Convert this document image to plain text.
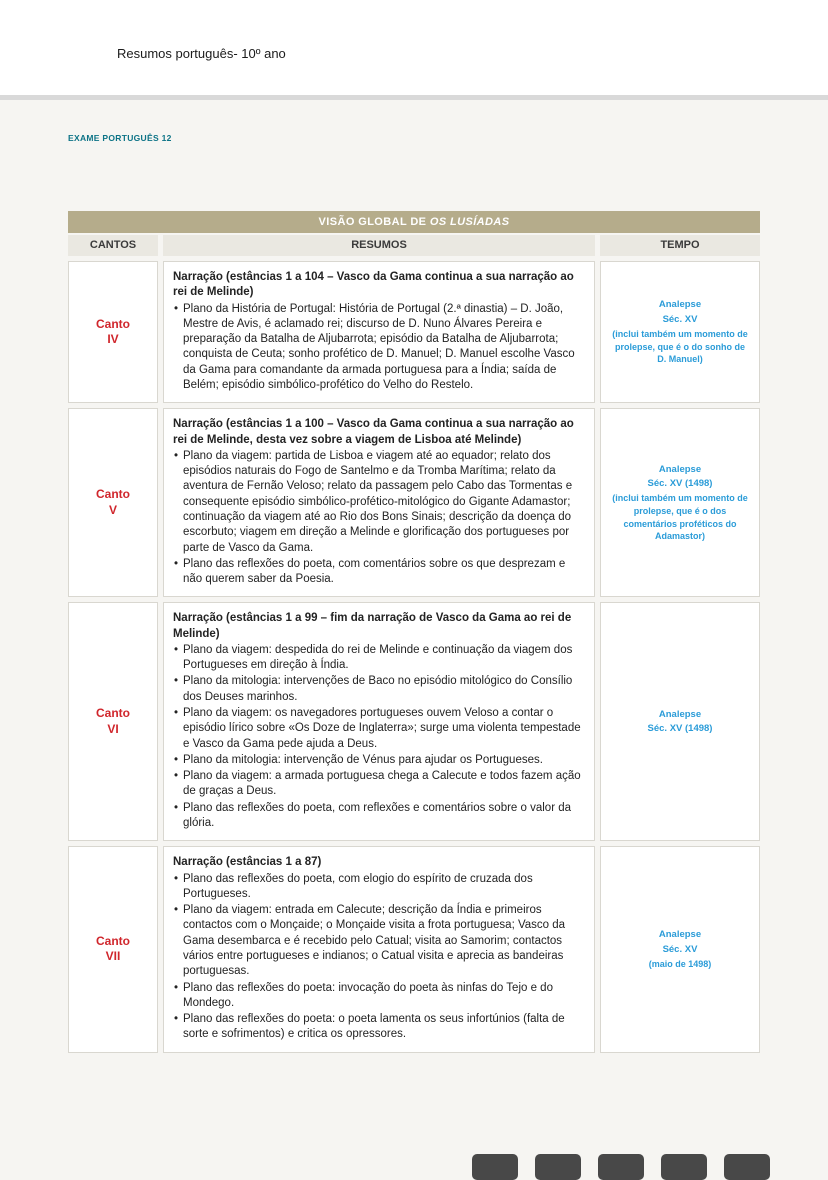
Resumos português- 10º ano
EXAME PORTUGUÊS 12
VISÃO GLOBAL DE OS LUSÍADAS
CANTOS	RESUMOS	TEMPO
Canto
IV
Narração (estâncias 1 a 104 – Vasco da Gama continua a sua narração ao rei de Melinde)
• Plano da História de Portugal: História de Portugal (2.ª dinastia) – D. João, Mestre de Avis, é aclamado rei; discurso de D. Nuno Álvares Pereira e preparação da Batalha de Aljubarrota; episódio da Batalha de Aljubarrota; conquista de Ceuta; sonho profético de D. Manuel; D. Manuel escolhe Vasco da Gama para comandante da armada portuguesa para a Índia; saída de Belém; episódio simbólico-profético do Velho do Restelo.
Analepse
Séc. XV
(inclui também um momento de prolepse, que é o do sonho de D. Manuel)
Canto
V
Narração (estâncias 1 a 100 – Vasco da Gama continua a sua narração ao rei de Melinde, desta vez sobre a viagem de Lisboa até Melinde)
• Plano da viagem: partida de Lisboa e viagem até ao equador; relato dos episódios naturais do Fogo de Santelmo e da Tromba Marítima; relato da aventura de Fernão Veloso; relato da passagem pelo Cabo das Tormentas e consequente episódio simbólico-profético-mitológico do Gigante Adamastor; continuação da viagem até ao Rio dos Bons Sinais; descrição da doença do escorbuto; viagem em direção a Melinde e glorificação dos portugueses por parte de Vasco da Gama.
• Plano das reflexões do poeta, com comentários sobre os que desprezam e não querem saber da Poesia.
Analepse
Séc. XV (1498)
(inclui também um momento de prolepse, que é o dos comentários proféticos do Adamastor)
Canto
VI
Narração (estâncias 1 a 99 – fim da narração de Vasco da Gama ao rei de Melinde)
• Plano da viagem: despedida do rei de Melinde e continuação da viagem dos Portugueses em direção à Índia.
• Plano da mitologia: intervenções de Baco no episódio mitológico do Consílio dos Deuses marinhos.
• Plano da viagem: os navegadores portugueses ouvem Veloso a contar o episódio lírico sobre «Os Doze de Inglaterra»; surge uma violenta tempestade e Vasco da Gama pede ajuda a Deus.
• Plano da mitologia: intervenção de Vénus para ajudar os Portugueses.
• Plano da viagem: a armada portuguesa chega a Calecute e todos fazem ação de graças a Deus.
• Plano das reflexões do poeta, com reflexões e comentários sobre o valor da glória.
Analepse
Séc. XV (1498)
Canto
VII
Narração (estâncias 1 a 87)
• Plano das reflexões do poeta, com elogio do espírito de cruzada dos Portugueses.
• Plano da viagem: entrada em Calecute; descrição da Índia e primeiros contactos com o Monçaide; o Monçaide visita a frota portuguesa; Vasco da Gama desembarca e é recebido pelo Catual; visita ao Samorim; contactos vários entre portugueses e indianos; o Catual visita e aprecia as bandeiras portuguesas.
• Plano das reflexões do poeta: invocação do poeta às ninfas do Tejo e do Mondego.
• Plano das reflexões do poeta: o poeta lamenta os seus infortúnios (falta de sorte e sofrimentos) e critica os opressores.
Analepse
Séc. XV
(maio de 1498)
